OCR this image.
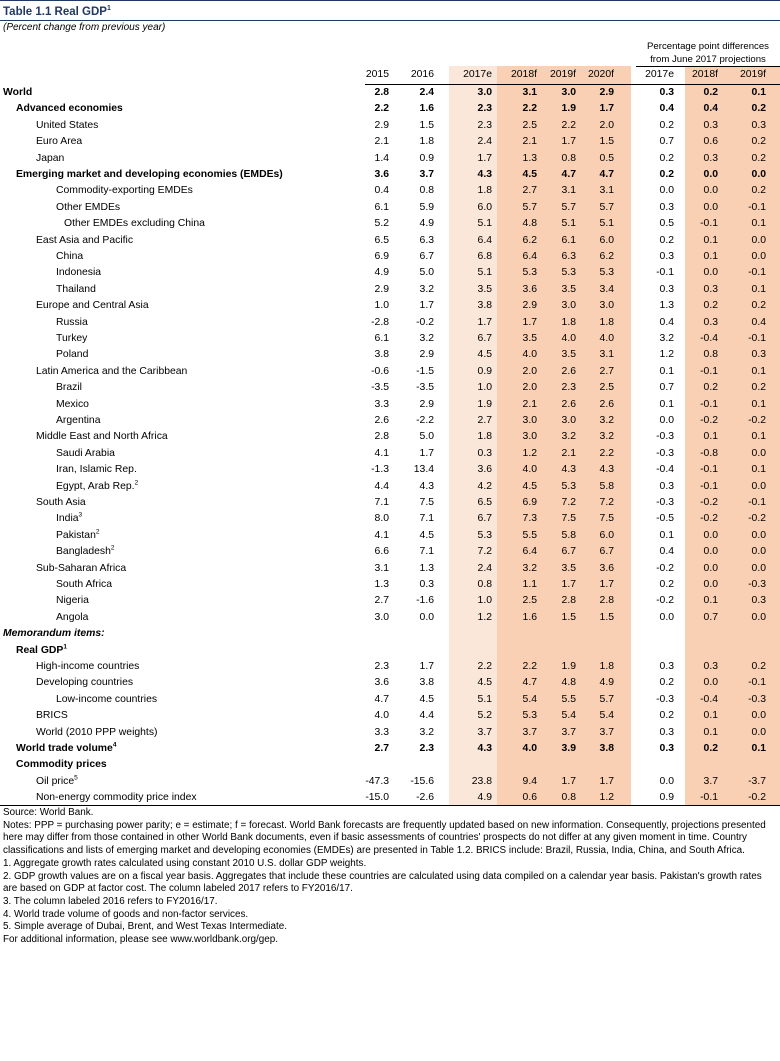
Table 1.1 Real GDP$^1$
(Percent change from previous year)
Percentage point differences
from June 2017 projections
2015	2016	2017e	2018f	2019f	2020f	2017e	2018f	2019f
World	2.8	2.4	3.0	3.1	3.0	2.9	0.3	0.2	0.1
Advanced economies	2.2	1.6	2.3	2.2	1.9	1.7	0.4	0.4	0.2
United States	2.9	1.5	2.3	2.5	2.2	2.0	0.2	0.3	0.3
Euro Area	2.1	1.8	2.4	2.1	1.7	1.5	0.7	0.6	0.2
Japan	1.4	0.9	1.7	1.3	0.8	0.5	0.2	0.3	0.2
Emerging market and developing economies (EMDEs)	3.6	3.7	4.3	4.5	4.7	4.7	0.2	0.0	0.0
Commodity-exporting EMDEs	0.4	0.8	1.8	2.7	3.1	3.1	0.0	0.0	0.2
Other EMDEs	6.1	5.9	6.0	5.7	5.7	5.7	0.3	0.0	-0.1
Other EMDEs excluding China	5.2	4.9	5.1	4.8	5.1	5.1	0.5	-0.1	0.1
East Asia and Pacific	6.5	6.3	6.4	6.2	6.1	6.0	0.2	0.1	0.0
China	6.9	6.7	6.8	6.4	6.3	6.2	0.3	0.1	0.0
Indonesia	4.9	5.0	5.1	5.3	5.3	5.3	-0.1	0.0	-0.1
Thailand	2.9	3.2	3.5	3.6	3.5	3.4	0.3	0.3	0.1
Europe and Central Asia	1.0	1.7	3.8	2.9	3.0	3.0	1.3	0.2	0.2
Russia	-2.8	-0.2	1.7	1.7	1.8	1.8	0.4	0.3	0.4
Turkey	6.1	3.2	6.7	3.5	4.0	4.0	3.2	-0.4	-0.1
Poland	3.8	2.9	4.5	4.0	3.5	3.1	1.2	0.8	0.3
Latin America and the Caribbean	-0.6	-1.5	0.9	2.0	2.6	2.7	0.1	-0.1	0.1
Brazil	-3.5	-3.5	1.0	2.0	2.3	2.5	0.7	0.2	0.2
Mexico	3.3	2.9	1.9	2.1	2.6	2.6	0.1	-0.1	0.1
Argentina	2.6	-2.2	2.7	3.0	3.0	3.2	0.0	-0.2	-0.2
Middle East and North Africa	2.8	5.0	1.8	3.0	3.2	3.2	-0.3	0.1	0.1
Saudi Arabia	4.1	1.7	0.3	1.2	2.1	2.2	-0.3	-0.8	0.0
Iran, Islamic Rep.	-1.3	13.4	3.6	4.0	4.3	4.3	-0.4	-0.1	0.1
Egypt, Arab Rep.$^2$	4.4	4.3	4.2	4.5	5.3	5.8	0.3	-0.1	0.0
South Asia	7.1	7.5	6.5	6.9	7.2	7.2	-0.3	-0.2	-0.1
India$^3$	8.0	7.1	6.7	7.3	7.5	7.5	-0.5	-0.2	-0.2
Pakistan$^2$	4.1	4.5	5.3	5.5	5.8	6.0	0.1	0.0	0.0
Bangladesh$^2$	6.6	7.1	7.2	6.4	6.7	6.7	0.4	0.0	0.0
Sub-Saharan Africa	3.1	1.3	2.4	3.2	3.5	3.6	-0.2	0.0	0.0
South Africa	1.3	0.3	0.8	1.1	1.7	1.7	0.2	0.0	-0.3
Nigeria	2.7	-1.6	1.0	2.5	2.8	2.8	-0.2	0.1	0.3
Angola	3.0	0.0	1.2	1.6	1.5	1.5	0.0	0.7	0.0
Memorandum items:
Real GDP$^1$
High-income countries	2.3	1.7	2.2	2.2	1.9	1.8	0.3	0.3	0.2
Developing countries	3.6	3.8	4.5	4.7	4.8	4.9	0.2	0.0	-0.1
Low-income countries	4.7	4.5	5.1	5.4	5.5	5.7	-0.3	-0.4	-0.3
BRICS	4.0	4.4	5.2	5.3	5.4	5.4	0.2	0.1	0.0
World (2010 PPP weights)	3.3	3.2	3.7	3.7	3.7	3.7	0.3	0.1	0.0
World trade volume$^4$	2.7	2.3	4.3	4.0	3.9	3.8	0.3	0.2	0.1
Commodity prices
Oil price$^5$	-47.3	-15.6	23.8	9.4	1.7	1.7	0.0	3.7	-3.7
Non-energy commodity price index	-15.0	-2.6	4.9	0.6	0.8	1.2	0.9	-0.1	-0.2
Source: World Bank.
Notes: PPP = purchasing power parity; e = estimate; f = forecast. World Bank forecasts are frequently updated based on new information. Consequently, projections presented here may differ from those contained in other World Bank documents, even if basic assessments of countries' prospects do not differ at any given moment in time. Country classifications and lists of emerging market and developing economies (EMDEs) are presented in Table 1.2. BRICS include: Brazil, Russia, India, China, and South Africa.
1. Aggregate growth rates calculated using constant 2010 U.S. dollar GDP weights.
2. GDP growth values are on a fiscal year basis. Aggregates that include these countries are calculated using data compiled on a calendar year basis. Pakistan's growth rates are based on GDP at factor cost. The column labeled 2017 refers to FY2016/17.
3. The column labeled 2016 refers to FY2016/17.
4. World trade volume of goods and non-factor services.
5. Simple average of Dubai, Brent, and West Texas Intermediate.
For additional information, please see www.worldbank.org/gep.
